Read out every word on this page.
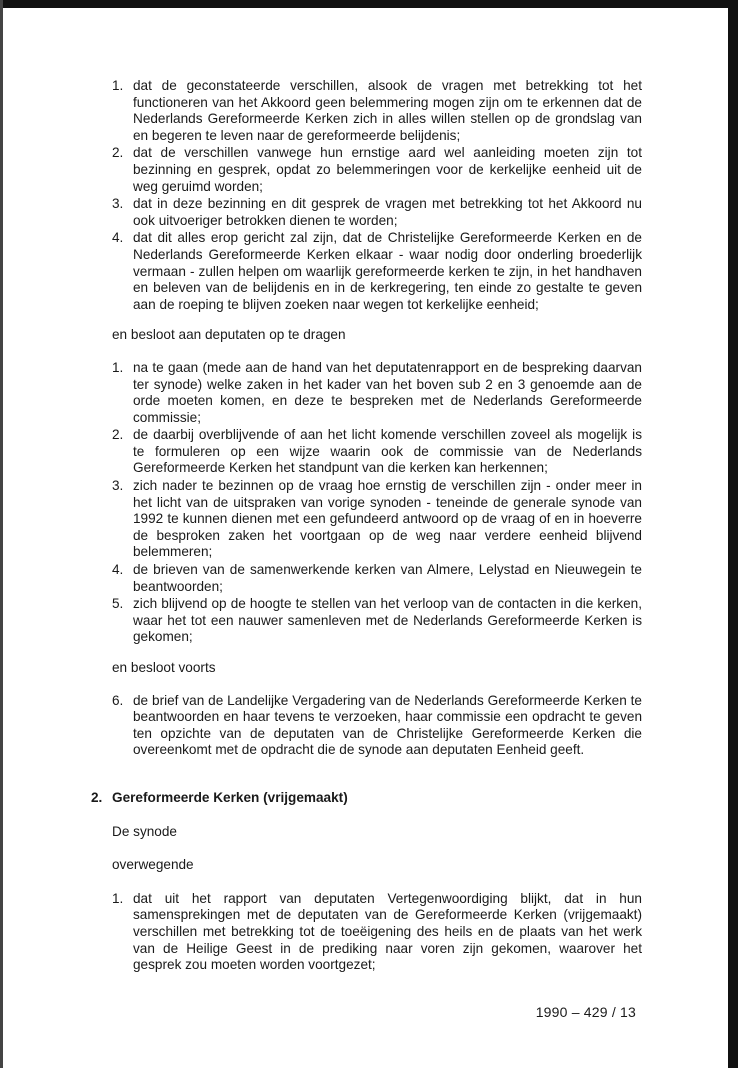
1. dat de geconstateerde verschillen, alsook de vragen met betrekking tot het functioneren van het Akkoord geen belemmering mogen zijn om te erkennen dat de Nederlands Gereformeerde Kerken zich in alles willen stellen op de grondslag van en begeren te leven naar de gereformeerde belijdenis;
2. dat de verschillen vanwege hun ernstige aard wel aanleiding moeten zijn tot bezinning en gesprek, opdat zo belemmeringen voor de kerkelijke eenheid uit de weg geruimd worden;
3. dat in deze bezinning en dit gesprek de vragen met betrekking tot het Akkoord nu ook uitvoeriger betrokken dienen te worden;
4. dat dit alles erop gericht zal zijn, dat de Christelijke Gereformeerde Kerken en de Nederlands Gereformeerde Kerken elkaar - waar nodig door onderling broederlijk vermaan - zullen helpen om waarlijk gereformeerde kerken te zijn, in het handhaven en beleven van de belijdenis en in de kerkregering, ten einde zo gestalte te geven aan de roeping te blijven zoeken naar wegen tot kerkelijke eenheid;
en besloot aan deputaten op te dragen
1. na te gaan (mede aan de hand van het deputatenrapport en de bespreking daarvan ter synode) welke zaken in het kader van het boven sub 2 en 3 genoemde aan de orde moeten komen, en deze te bespreken met de Nederlands Gereformeerde commissie;
2. de daarbij overblijvende of aan het licht komende verschillen zoveel als mogelijk is te formuleren op een wijze waarin ook de commissie van de Nederlands Gereformeerde Kerken het standpunt van die kerken kan herkennen;
3. zich nader te bezinnen op de vraag hoe ernstig de verschillen zijn - onder meer in het licht van de uitspraken van vorige synoden - teneinde de generale synode van 1992 te kunnen dienen met een gefundeerd antwoord op de vraag of en in hoeverre de besproken zaken het voortgaan op de weg naar verdere eenheid blijvend belemmeren;
4. de brieven van de samenwerkende kerken van Almere, Lelystad en Nieuwegein te beantwoorden;
5. zich blijvend op de hoogte te stellen van het verloop van de contacten in die kerken, waar het tot een nauwer samenleven met de Nederlands Gereformeerde Kerken is gekomen;
en besloot voorts
6. de brief van de Landelijke Vergadering van de Nederlands Gereformeerde Kerken te beantwoorden en haar tevens te verzoeken, haar commissie een opdracht te geven ten opzichte van de deputaten van de Christelijke Gereformeerde Kerken die overeenkomt met de opdracht die de synode aan deputaten Eenheid geeft.
2. Gereformeerde Kerken (vrijgemaakt)
De synode
overwegende
1. dat uit het rapport van deputaten Vertegenwoordiging blijkt, dat in hun samensprekingen met de deputaten van de Gereformeerde Kerken (vrijgemaakt) verschillen met betrekking tot de toeëigening des heils en de plaats van het werk van de Heilige Geest in de prediking naar voren zijn gekomen, waarover het gesprek zou moeten worden voortgezet;
1990 – 429 / 13
